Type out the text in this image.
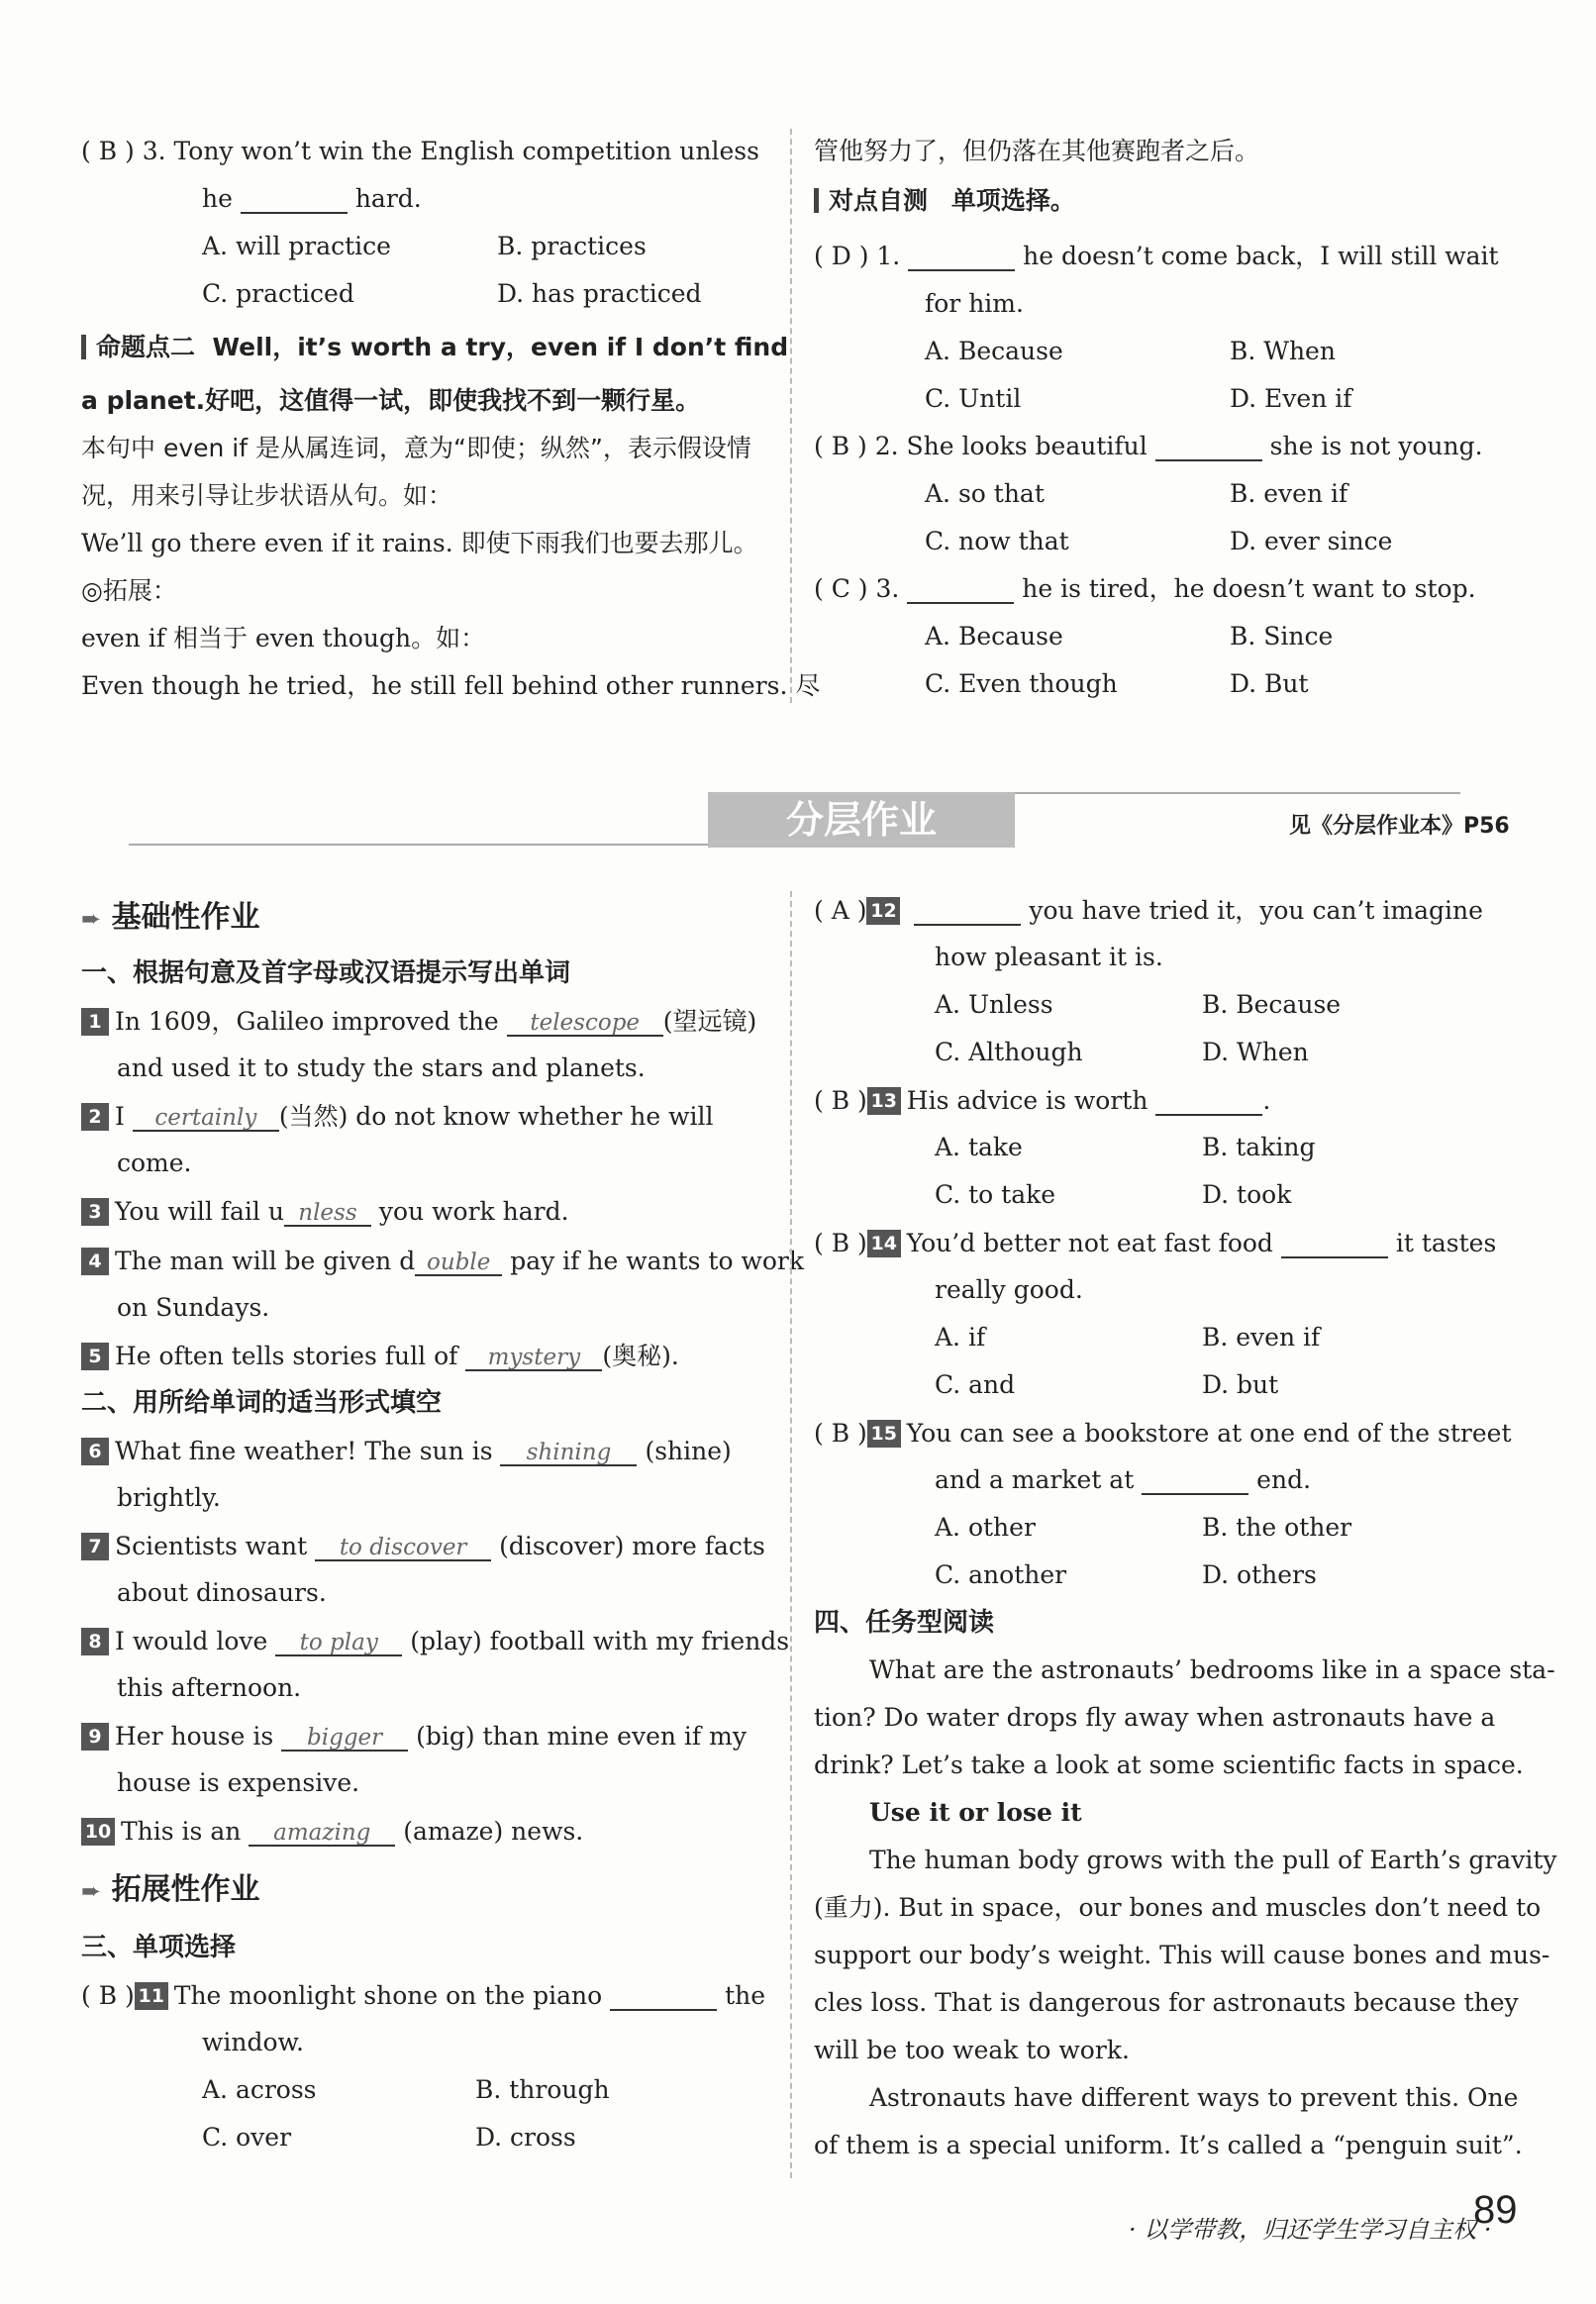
( B ) 3. Tony won’t win the English competition unless
he	hard.
A. will practice	B. practices
C. practiced	D. has practiced
命题点二 Well，it’s worth a try，even if I don’t find
a planet.好吧，这值得一试，即使我找不到一颗行星。
本句中 even if 是从属连词，意为“即使；纵然”，表示假设情
况，用来引导让步状语从句。如：
We’ll go there even if it rains. 即使下雨我们也要去那儿。
◎拓展：
even if 相当于 even though。如：
Even though he tried，he still fell behind other runners. 尽
管他努力了，但仍落在其他赛跑者之后。
对点自测 单项选择。
( D ) 1.	he doesn’t come back，I will still wait
for him.
A. Because	B. When
C. Until	D. Even if
( B ) 2. She looks beautiful	she is not young.
A. so that	B. even if
C. now that	D. ever since
( C ) 3.	he is tired，he doesn’t want to stop.
A. Because	B. Since
C. Even though	D. But
分层作业	见《分层作业本》P56
➨ 基础性作业
一、根据句意及首字母或汉语提示写出单词
1 In 1609，Galileo improved the telescope (望远镜)
and used it to study the stars and planets.
2 I certainly (当然) do not know whether he will
come.
3 You will fail u nless you work hard.
4 The man will be given d ouble pay if he wants to work
on Sundays.
5 He often tells stories full of mystery (奥秘).
二、用所给单词的适当形式填空
6 What fine weather! The sun is shining (shine)
brightly.
7 Scientists want to discover (discover) more facts
about dinosaurs.
8 I would love to play (play) football with my friends
this afternoon.
9 Her house is bigger (big) than mine even if my
house is expensive.
10 This is an amazing (amaze) news.
➨ 拓展性作业
三、单项选择
( B ) 11 The moonlight shone on the piano	the
window.
A. across	B. through
C. over	D. cross
( A ) 12	you have tried it，you can’t imagine
how pleasant it is.
A. Unless	B. Because
C. Although	D. When
( B ) 13 His advice is worth	.
A. take	B. taking
C. to take	D. took
( B ) 14 You’d better not eat fast food	it tastes
really good.
A. if	B. even if
C. and	D. but
( B ) 15 You can see a bookstore at one end of the street
and a market at	end.
A. other	B. the other
C. another	D. others
四、任务型阅读
What are the astronauts’ bedrooms like in a space sta-
tion? Do water drops fly away when astronauts have a
drink? Let’s take a look at some scientific facts in space.
Use it or lose it
The human body grows with the pull of Earth’s gravity
(重力). But in space，our bones and muscles don’t need to
support our body’s weight. This will cause bones and mus-
cles loss. That is dangerous for astronauts because they
will be too weak to work.
Astronauts have different ways to prevent this. One
of them is a special uniform. It’s called a “penguin suit”.
· 以学带教，归还学生学习自主权 ·
89
